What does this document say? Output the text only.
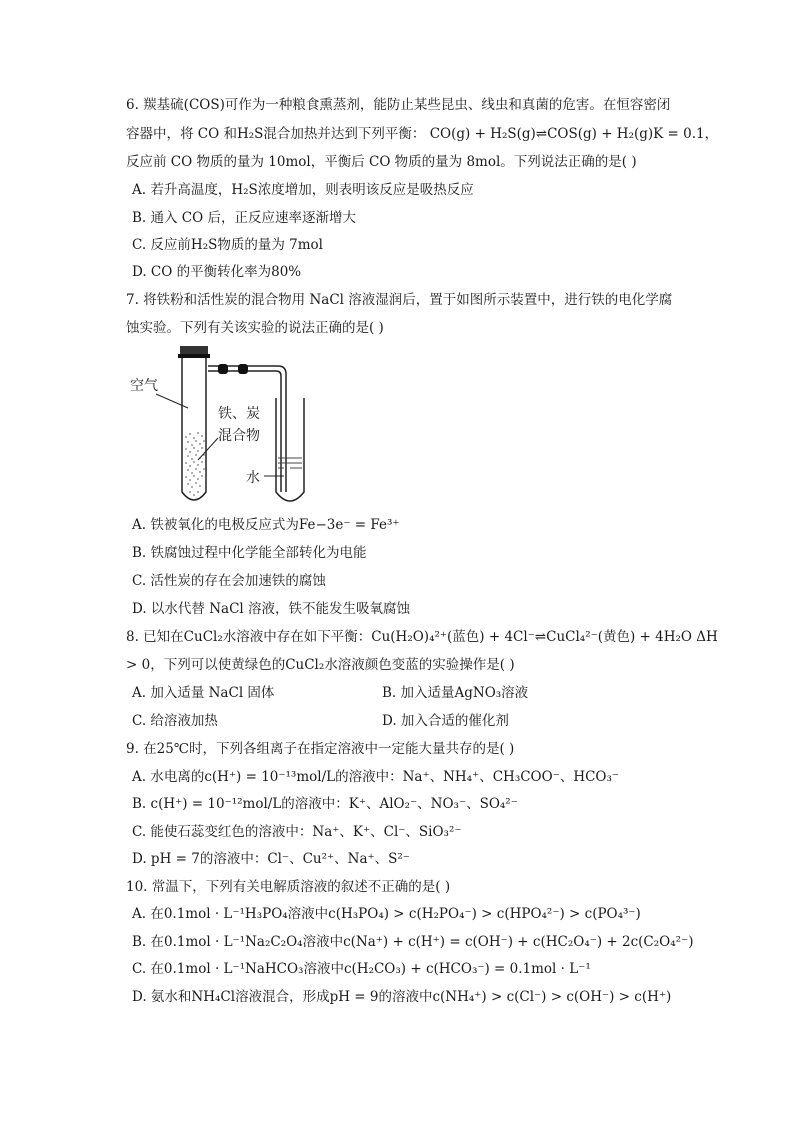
6. 羰基硫(COS)可作为一种粮食熏蒸剂，能防止某些昆虫、线虫和真菌的危害。在恒容密闭
容器中，将 CO 和H₂S混合加热并达到下列平衡： CO(g) + H₂S(g)⇌COS(g) + H₂(g)K = 0.1，
反应前 CO 物质的量为 10mol，平衡后 CO 物质的量为 8mol。下列说法正确的是( )
A. 若升高温度，H₂S浓度增加，则表明该反应是吸热反应
B. 通入 CO 后，正反应速率逐渐增大
C. 反应前H₂S物质的量为 7mol
D. CO 的平衡转化率为80%
7. 将铁粉和活性炭的混合物用 NaCl 溶液湿润后，置于如图所示装置中，进行铁的电化学腐
蚀实验。下列有关该实验的说法正确的是( )
空气
铁、炭
混合物
水
A. 铁被氧化的电极反应式为Fe−3e⁻ = Fe³⁺
B. 铁腐蚀过程中化学能全部转化为电能
C. 活性炭的存在会加速铁的腐蚀
D. 以水代替 NaCl 溶液，铁不能发生吸氧腐蚀
8. 已知在CuCl₂水溶液中存在如下平衡：Cu(H₂O)₄²⁺(蓝色) + 4Cl⁻⇌CuCl₄²⁻(黄色) + 4H₂O ΔH
> 0，下列可以使黄绿色的CuCl₂水溶液颜色变蓝的实验操作是( )
A. 加入适量 NaCl 固体	B. 加入适量AgNO₃溶液
C. 给溶液加热	D. 加入合适的催化剂
9. 在25℃时，下列各组离子在指定溶液中一定能大量共存的是( )
A. 水电离的c(H⁺) = 10⁻¹³mol/L的溶液中：Na⁺、NH₄⁺、CH₃COO⁻、HCO₃⁻
B. c(H⁺) = 10⁻¹²mol/L的溶液中：K⁺、AlO₂⁻、NO₃⁻、SO₄²⁻
C. 能使石蕊变红色的溶液中：Na⁺、K⁺、Cl⁻、SiO₃²⁻
D. pH = 7的溶液中：Cl⁻、Cu²⁺、Na⁺、S²⁻
10. 常温下，下列有关电解质溶液的叙述不正确的是( )
A. 在0.1mol · L⁻¹H₃PO₄溶液中c(H₃PO₄) > c(H₂PO₄⁻) > c(HPO₄²⁻) > c(PO₄³⁻)
B. 在0.1mol · L⁻¹Na₂C₂O₄溶液中c(Na⁺) + c(H⁺) = c(OH⁻) + c(HC₂O₄⁻) + 2c(C₂O₄²⁻)
C. 在0.1mol · L⁻¹NaHCO₃溶液中c(H₂CO₃) + c(HCO₃⁻) = 0.1mol · L⁻¹
D. 氨水和NH₄Cl溶液混合，形成pH = 9的溶液中c(NH₄⁺) > c(Cl⁻) > c(OH⁻) > c(H⁺)
